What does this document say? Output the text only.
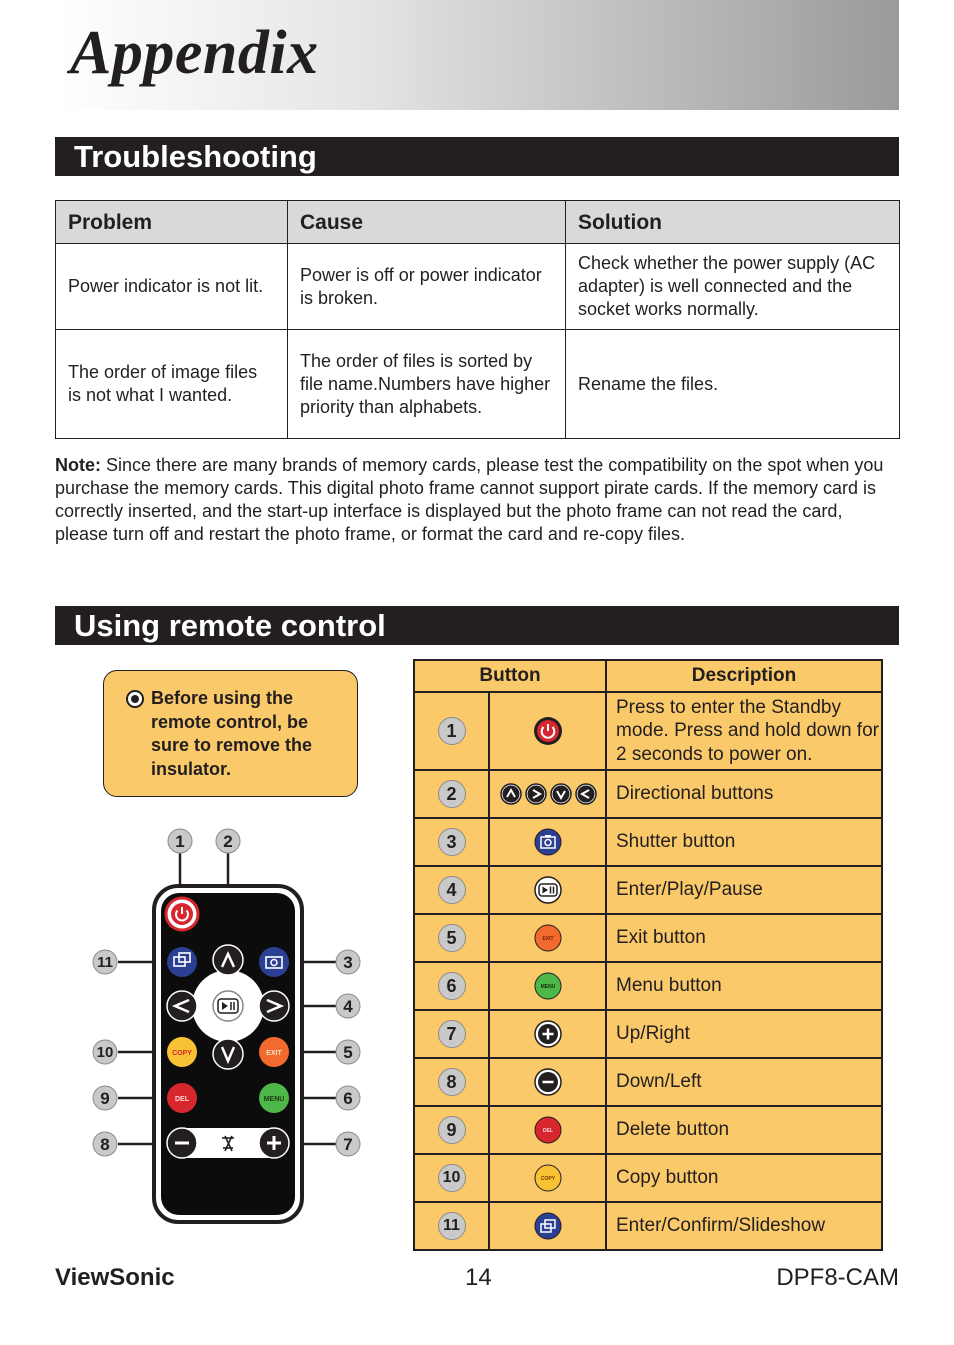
Appendix
Troubleshooting
Problem	Cause	Solution
Power indicator is not lit.	Power is off or power indicator is broken.	Check whether the power supply (AC adapter) is well connected and the socket works normally.
The order of image files is not what I wanted.	The order of files is sorted by file name.Numbers have higher priority than alphabets.	Rename the files.
Note: Since there are many brands of memory cards, please test the compatibility on the spot when you purchase the memory cards. This digital photo frame cannot support pirate cards. If the memory card is correctly inserted, and the start-up interface is displayed but the photo frame can not read the card, please turn off and restart the photo frame, or format the card and re-copy files.
Using remote control
Before using the remote control, be sure to remove the insulator.
COPY	EXIT
DEL	MENU
1 2
3
4
5
6
7
8
9
10
11
Button		Description
1		Press to enter the Standby mode. Press and hold down for 2 seconds to power on.
2		Directional buttons
3		Shutter button
4		Enter/Play/Pause
5	EXIT	Exit button
6	MENU	Menu button
7		Up/Right
8		Down/Left
9	DEL	Delete button
10	COPY	Copy button
11		Enter/Confirm/Slideshow
ViewSonic	14	DPF8-CAM
